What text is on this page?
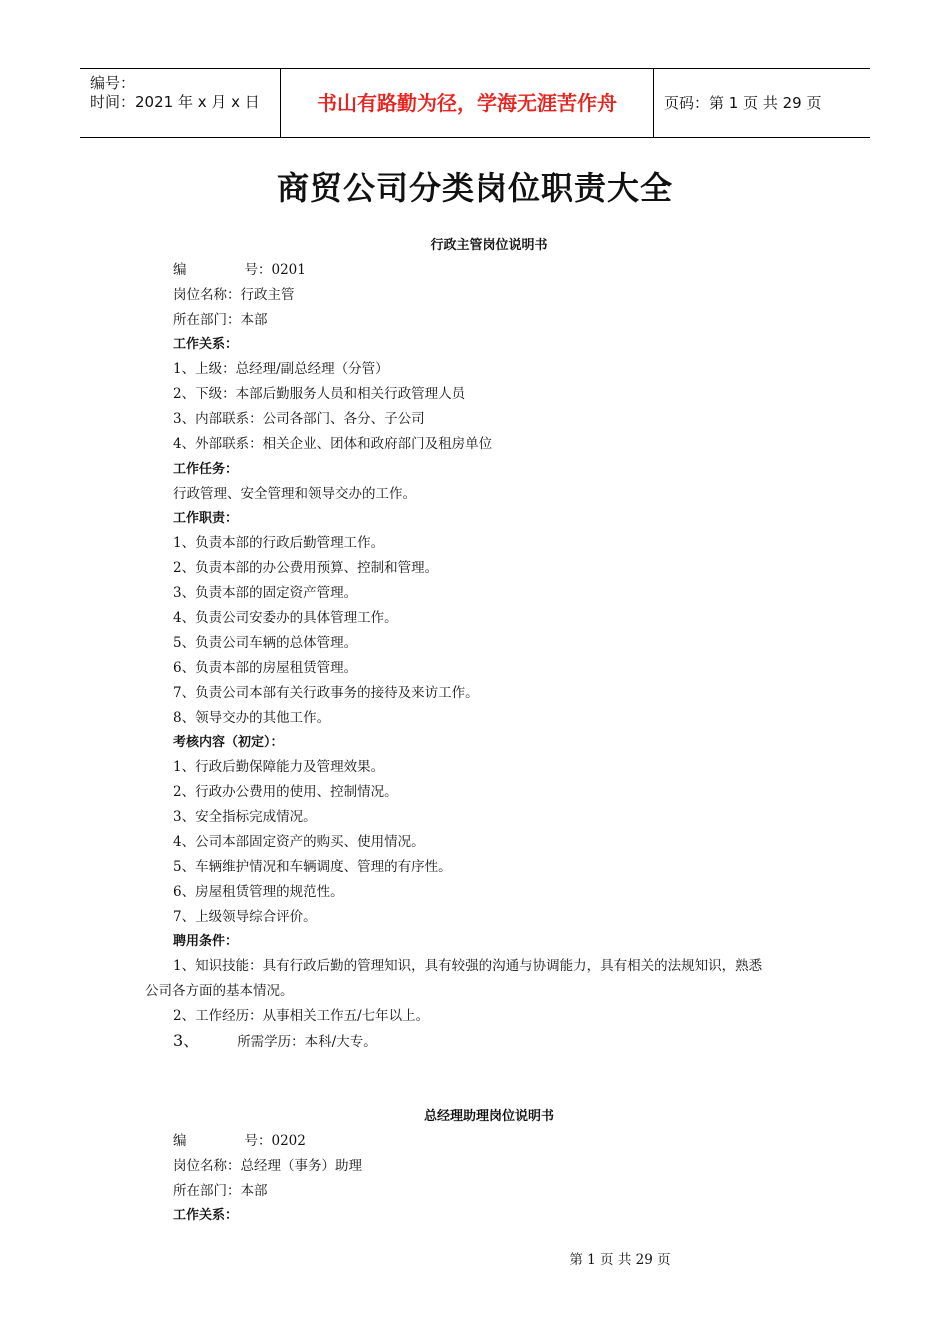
编号：
时间：2021 年 x 月 x 日	书山有路勤为径，学海无涯苦作舟	页码：第 1 页 共 29 页
商贸公司分类岗位职责大全
行政主管岗位说明书
编	号：0201
岗位名称：行政主管
所在部门：本部
工作关系：
1、上级：总经理/副总经理（分管）
2、下级：本部后勤服务人员和相关行政管理人员
3、内部联系：公司各部门、各分、子公司
4、外部联系：相关企业、团体和政府部门及租房单位
工作任务：
行政管理、安全管理和领导交办的工作。
工作职责：
1、负责本部的行政后勤管理工作。
2、负责本部的办公费用预算、控制和管理。
3、负责本部的固定资产管理。
4、负责公司安委办的具体管理工作。
5、负责公司车辆的总体管理。
6、负责本部的房屋租赁管理。
7、负责公司本部有关行政事务的接待及来访工作。
8、领导交办的其他工作。
考核内容（初定）：
1、行政后勤保障能力及管理效果。
2、行政办公费用的使用、控制情况。
3、安全指标完成情况。
4、公司本部固定资产的购买、使用情况。
5、车辆维护情况和车辆调度、管理的有序性。
6、房屋租赁管理的规范性。
7、上级领导综合评价。
聘用条件：
1、知识技能：具有行政后勤的管理知识，具有较强的沟通与协调能力，具有相关的法规知识，熟悉
公司各方面的基本情况。
2、工作经历：从事相关工作五/七年以上。
3、	所需学历：本科/大专。
总经理助理岗位说明书
编	号：0202
岗位名称：总经理（事务）助理
所在部门：本部
工作关系：
第 1 页 共 29 页
